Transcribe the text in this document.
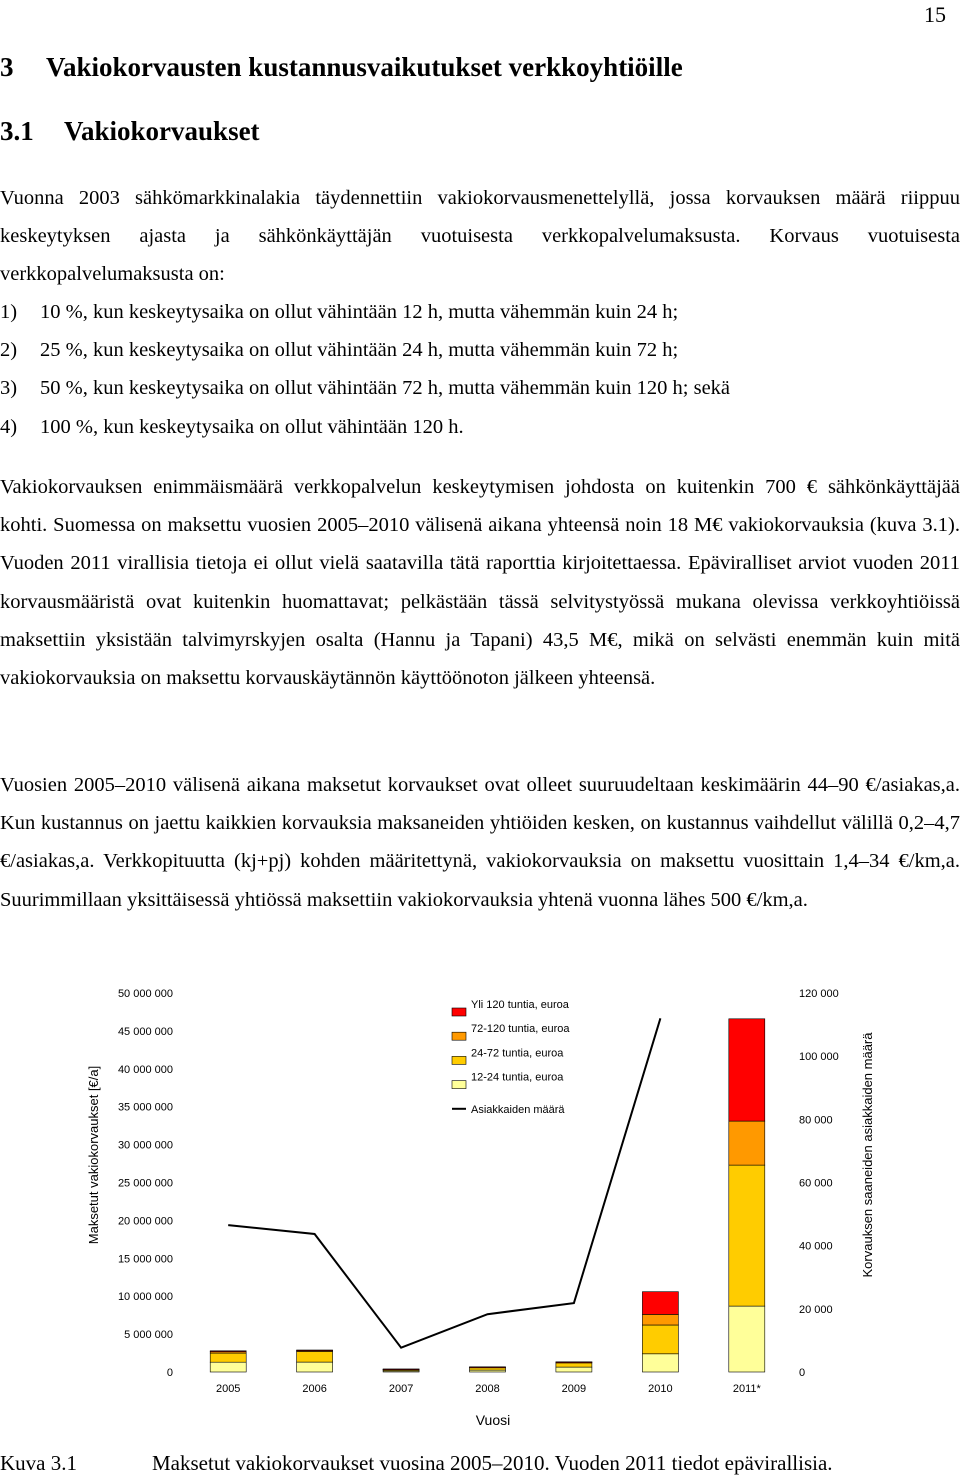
15
3 Vakiokorvausten kustannusvaikutukset verkkoyhtiöille
3.1 Vakiokorvaukset
Vuonna 2003 sähkömarkkinalakia täydennettiin vakiokorvausmenettelyllä, jossa korvauksen määrä riippuu keskeytyksen ajasta ja sähkönkäyttäjän vuotuisesta verkkopalvelumaksusta. Korvaus vuotuisesta verkkopalvelumaksusta on:
1) 10 %, kun keskeytysaika on ollut vähintään 12 h, mutta vähemmän kuin 24 h;
2) 25 %, kun keskeytysaika on ollut vähintään 24 h, mutta vähemmän kuin 72 h;
3) 50 %, kun keskeytysaika on ollut vähintään 72 h, mutta vähemmän kuin 120 h; sekä
4) 100 %, kun keskeytysaika on ollut vähintään 120 h.
Vakiokorvauksen enimmäismäärä verkkopalvelun keskeytymisen johdosta on kuitenkin 700 € sähkönkäyttäjää kohti. Suomessa on maksettu vuosien 2005‒2010 välisenä aikana yhteensä noin 18 M€ vakiokorvauksia (kuva 3.1). Vuoden 2011 virallisia tietoja ei ollut vielä saatavilla tätä raporttia kirjoitettaessa. Epäviralliset arviot vuoden 2011 korvausmääristä ovat kuitenkin huomattavat; pelkästään tässä selvitystyössä mukana olevissa verkkoyhtiöissä maksettiin yksistään talvimyrskyjen osalta (Hannu ja Tapani) 43,5 M€, mikä on selvästi enemmän kuin mitä vakiokorvauksia on maksettu korvauskäytännön käyttöönoton jälkeen yhteensä.
Vuosien 2005‒2010 välisenä aikana maksetut korvaukset ovat olleet suuruudeltaan keskimäärin 44‒90 €/asiakas,a. Kun kustannus on jaettu kaikkien korvauksia maksaneiden yhtiöiden kesken, on kustannus vaihdellut välillä 0,2‒4,7 €/asiakas,a. Verkkopituutta (kj+pj) kohden määritettynä, vakiokorvauksia on maksettu vuosittain 1,4‒34 €/km,a. Suurimmillaan yksittäisessä yhtiössä maksettiin vakiokorvauksia yhtenä vuonna lähes 500 €/km,a.
0
5 000 000
10 000 000
15 000 000
20 000 000
25 000 000
30 000 000
35 000 000
40 000 000
45 000 000
50 000 000
0
20 000
40 000
60 000
80 000
100 000
120 000
2005	2006	2007	2008	2009	2010	2011*
Yli 120 tuntia, euroa
72-120 tuntia, euroa
24-72 tuntia, euroa
12-24 tuntia, euroa
Asiakkaiden määrä
Maksetut vakiokorvaukset [€/a]	Korvauksen saaneiden asiakkaiden määrä
Vuosi
Kuva 3.1	Maksetut vakiokorvaukset vuosina 2005‒2010. Vuoden 2011 tiedot epävirallisia.
